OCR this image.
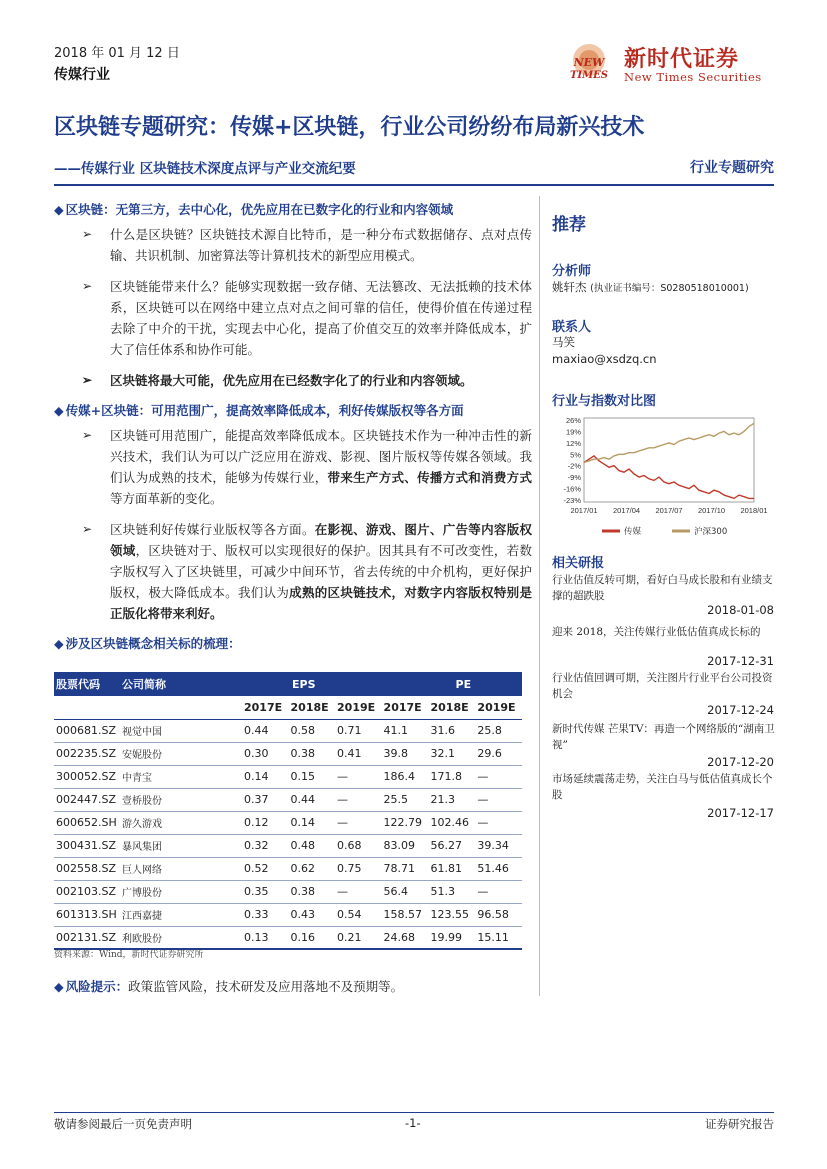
2018 年 01 月 12 日
传媒行业
NEW
TIMES
新时代证券
New Times Securities
区块链专题研究：传媒+区块链，行业公司纷纷布局新兴技术
——传媒行业 区块链技术深度点评与产业交流纪要	行业专题研究
◆ 区块链：无第三方，去中心化，优先应用在已数字化的行业和内容领域
➢ 什么是区块链？区块链技术源自比特币，是一种分布式数据储存、点对点传输、共识机制、加密算法等计算机技术的新型应用模式。
➢ 区块链能带来什么？能够实现数据一致存储、无法篡改、无法抵赖的技术体系，区块链可以在网络中建立点对点之间可靠的信任，使得价值在传递过程去除了中介的干扰，实现去中心化，提高了价值交互的效率并降低成本，扩大了信任体系和协作可能。
➢ 区块链将最大可能，优先应用在已经数字化了的行业和内容领域。
◆ 传媒+区块链：可用范围广，提高效率降低成本，利好传媒版权等各方面
➢ 区块链可用范围广，能提高效率降低成本。区块链技术作为一种冲击性的新兴技术，我们认为可以广泛应用在游戏、影视、图片版权等传媒各领域。我们认为成熟的技术，能够为传媒行业，带来生产方式、传播方式和消费方式等方面革新的变化。
➢ 区块链利好传媒行业版权等各方面。在影视、游戏、图片、广告等内容版权领域，区块链对于、版权可以实现很好的保护。因其具有不可改变性，若数字版权写入了区块链里，可减少中间环节，省去传统的中介机构，更好保护版权，极大降低成本。我们认为成熟的区块链技术，对数字内容版权特别是正版化将带来利好。
◆ 涉及区块链概念相关标的梳理：
股票代码	公司简称	EPS			PE		
		2017E	2018E	2019E	2017E	2018E	2019E
000681.SZ	视觉中国	0.44	0.58	0.71	41.1	31.6	25.8
002235.SZ	安妮股份	0.30	0.38	0.41	39.8	32.1	29.6
300052.SZ	中青宝	0.14	0.15	—	186.4	171.8	—
002447.SZ	壹桥股份	0.37	0.44	—	25.5	21.3	—
600652.SH	游久游戏	0.12	0.14	—	122.79	102.46	—
300431.SZ	暴风集团	0.32	0.48	0.68	83.09	56.27	39.34
002558.SZ	巨人网络	0.52	0.62	0.75	78.71	61.81	51.46
002103.SZ	广博股份	0.35	0.38	—	56.4	51.3	—
601313.SH	江西嘉捷	0.33	0.43	0.54	158.57	123.55	96.58
002131.SZ	利欧股份	0.13	0.16	0.21	24.68	19.99	15.11
资料来源：Wind，新时代证券研究所
◆ 风险提示：政策监管风险，技术研发及应用落地不及预期等。
推荐
分析师
姚轩杰 (执业证书编号：S0280518010001)
联系人
马笑
maxiao@xsdzq.cn
行业与指数对比图
26%
19%
12%
5%
-2%
-9%
-16%
-23%
2017/01 2017/04 2017/07 2017/10 2018/01
传媒	沪深300
相关研报
行业估值反转可期，看好白马成长股和有业绩支撑的超跌股
2018-01-08
迎来 2018，关注传媒行业低估值真成长标的
2017-12-31
行业估值回调可期，关注图片行业平台公司投资机会
2017-12-24
新时代传媒 芒果TV：再造一个网络版的“湖南卫视”
2017-12-20
市场延续震荡走势，关注白马与低估值真成长个股
2017-12-17
敬请参阅最后一页免责声明	-1-	证券研究报告
